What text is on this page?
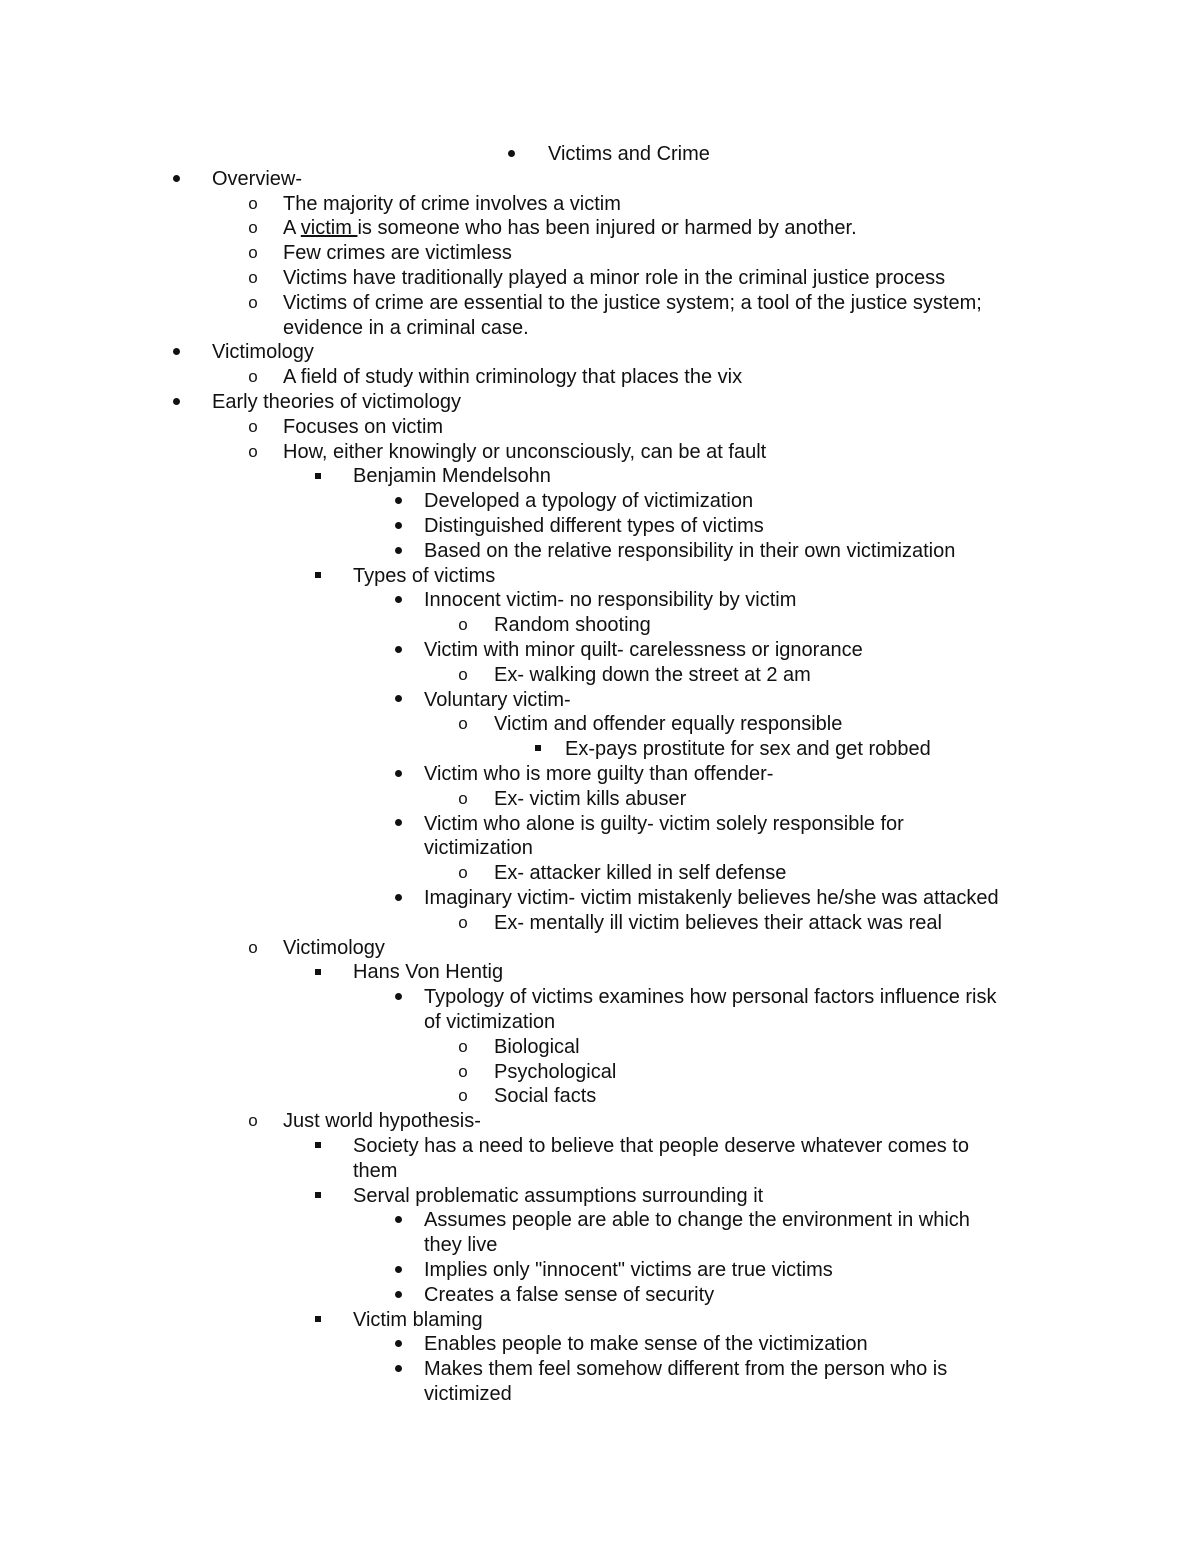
Victims and Crime
Overview-
o The majority of crime involves a victim
o A victim is someone who has been injured or harmed by another.
o Few crimes are victimless
o Victims have traditionally played a minor role in the criminal justice process
o Victims of crime are essential to the justice system; a tool of the justice system;
evidence in a criminal case.
Victimology
o A field of study within criminology that places the vix
Early theories of victimology
o Focuses on victim
o How, either knowingly or unconsciously, can be at fault
Benjamin Mendelsohn
Developed a typology of victimization
Distinguished different types of victims
Based on the relative responsibility in their own victimization
Types of victims
Innocent victim- no responsibility by victim
o Random shooting
Victim with minor quilt- carelessness or ignorance
o Ex- walking down the street at 2 am
Voluntary victim-
o Victim and offender equally responsible
Ex-pays prostitute for sex and get robbed
Victim who is more guilty than offender-
o Ex- victim kills abuser
Victim who alone is guilty- victim solely responsible for
victimization
o Ex- attacker killed in self defense
Imaginary victim- victim mistakenly believes he/she was attacked
o Ex- mentally ill victim believes their attack was real
o Victimology
Hans Von Hentig
Typology of victims examines how personal factors influence risk
of victimization
o Biological
o Psychological
o Social facts
o Just world hypothesis-
Society has a need to believe that people deserve whatever comes to
them
Serval problematic assumptions surrounding it
Assumes people are able to change the environment in which
they live
Implies only "innocent" victims are true victims
Creates a false sense of security
Victim blaming
Enables people to make sense of the victimization
Makes them feel somehow different from the person who is
victimized
